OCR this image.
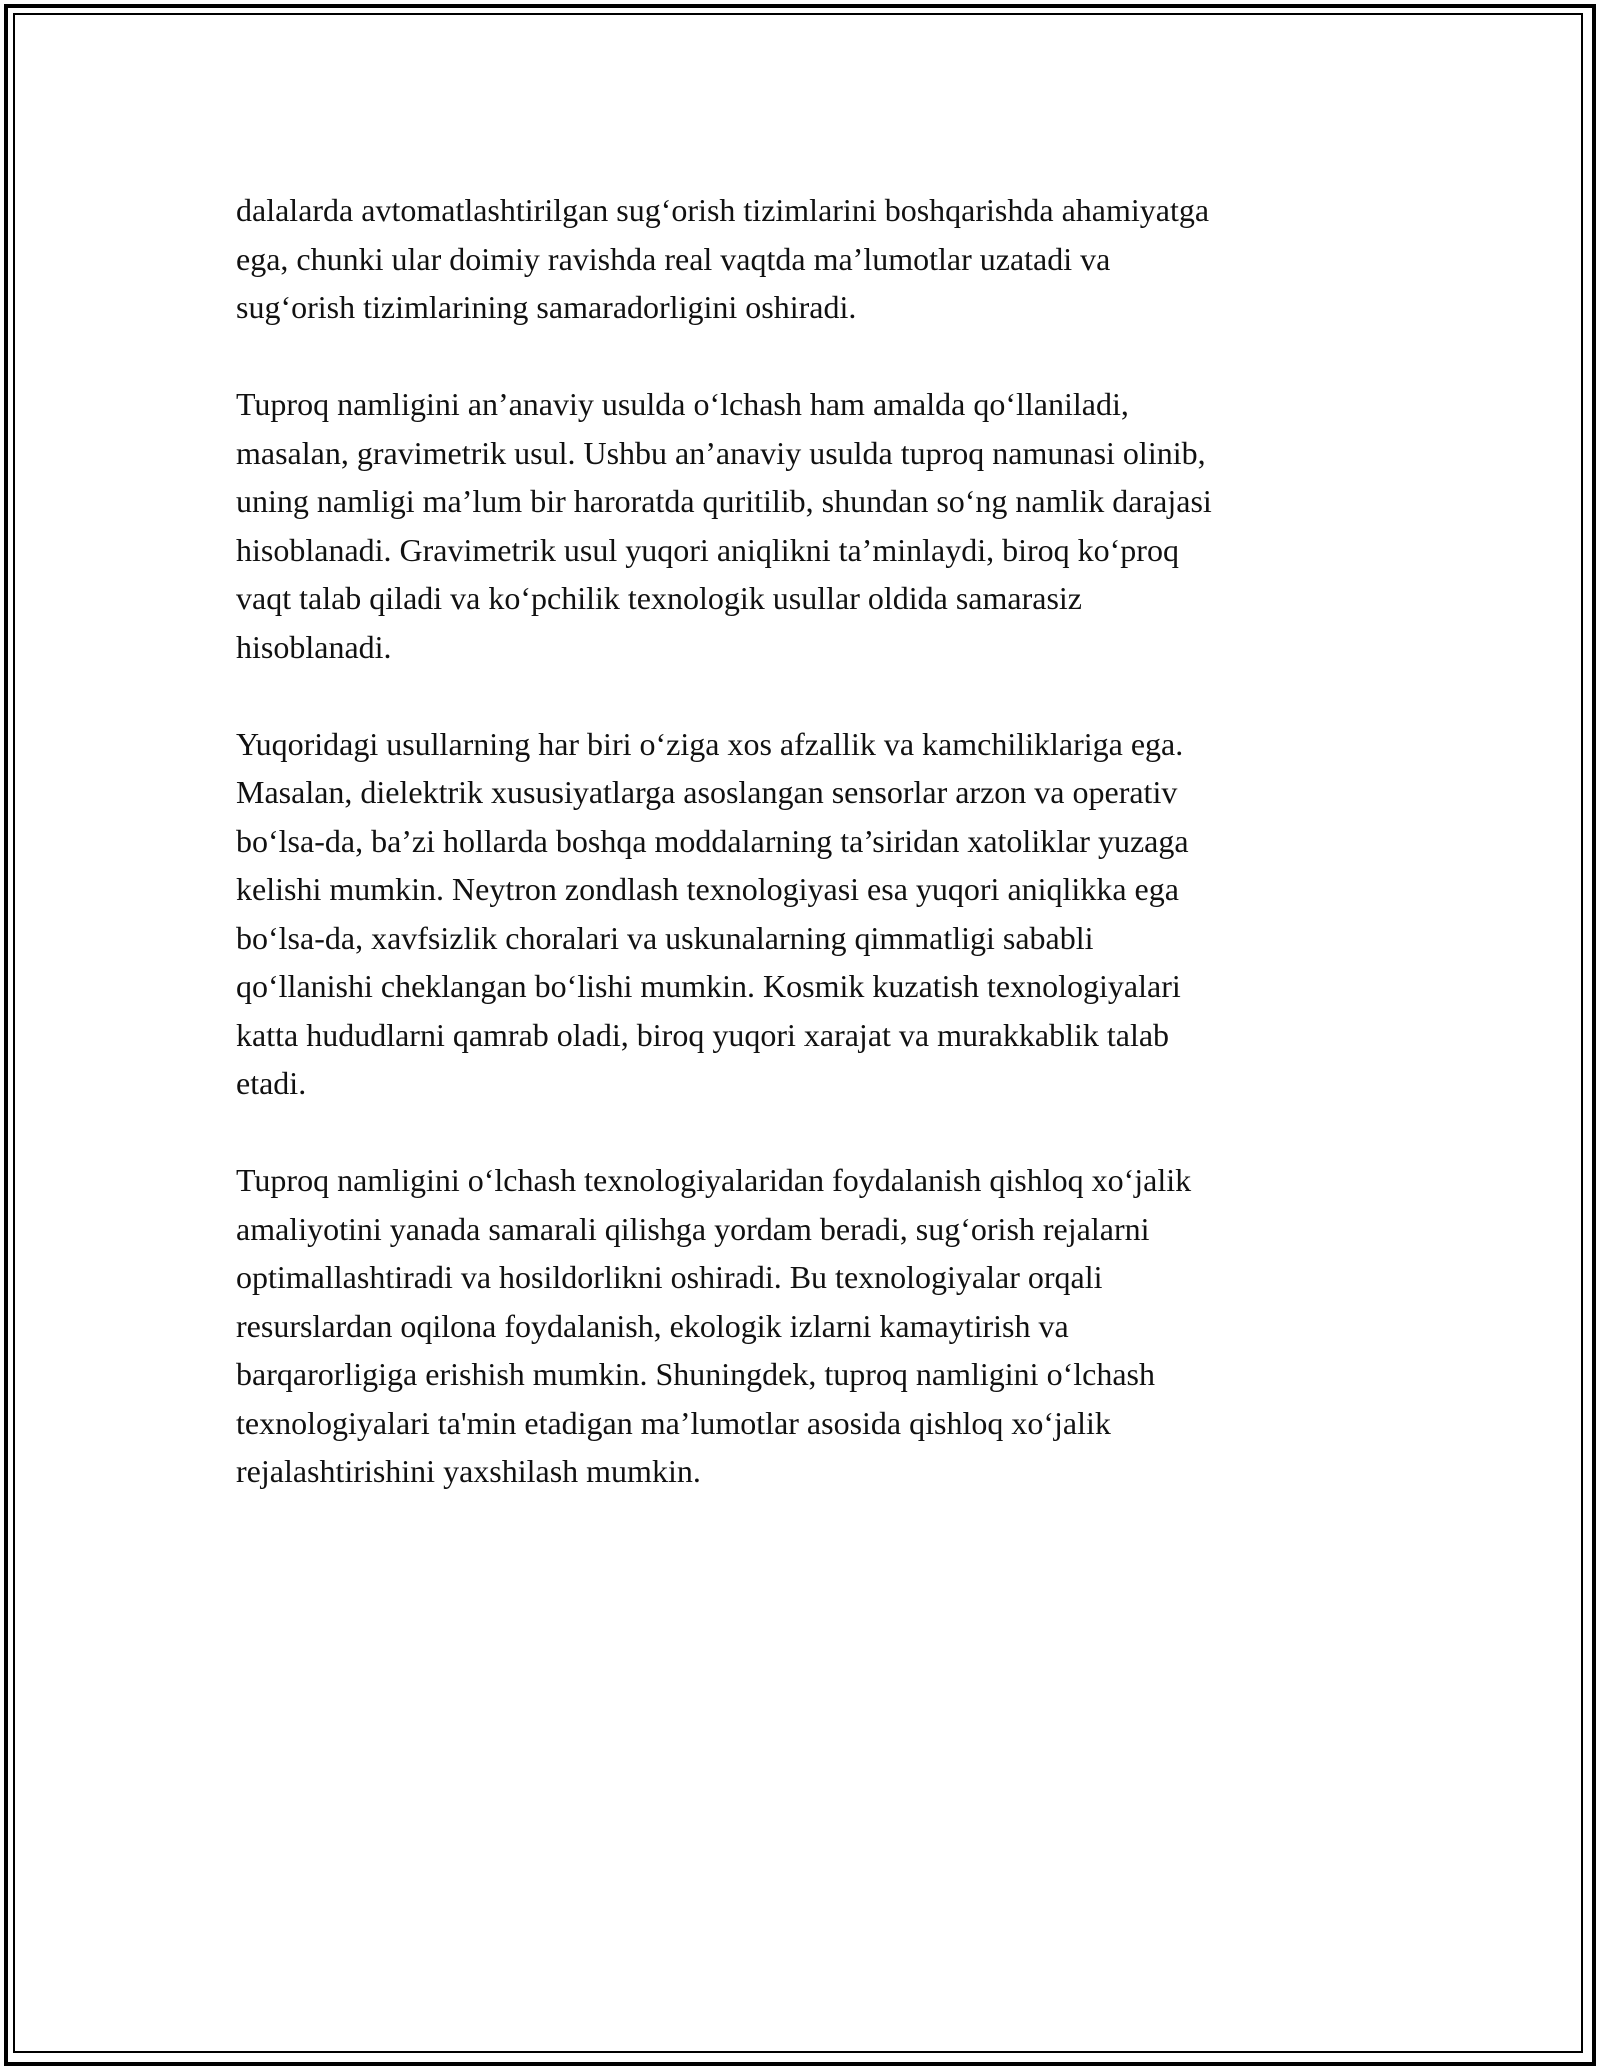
dalalarda avtomatlashtirilgan sug‘orish tizimlarini boshqarishda ahamiyatga
ega, chunki ular doimiy ravishda real vaqtda ma’lumotlar uzatadi va
sug‘orish tizimlarining samaradorligini oshiradi.

Tuproq namligini an’anaviy usulda o‘lchash ham amalda qo‘llaniladi,
masalan, gravimetrik usul. Ushbu an’anaviy usulda tuproq namunasi olinib,
uning namligi ma’lum bir haroratda quritilib, shundan so‘ng namlik darajasi
hisoblanadi. Gravimetrik usul yuqori aniqlikni ta’minlaydi, biroq ko‘proq
vaqt talab qiladi va ko‘pchilik texnologik usullar oldida samarasiz
hisoblanadi.

Yuqoridagi usullarning har biri o‘ziga xos afzallik va kamchiliklariga ega.
Masalan, dielektrik xususiyatlarga asoslangan sensorlar arzon va operativ
bo‘lsa-da, ba’zi hollarda boshqa moddalarning ta’siridan xatoliklar yuzaga
kelishi mumkin. Neytron zondlash texnologiyasi esa yuqori aniqlikka ega
bo‘lsa-da, xavfsizlik choralari va uskunalarning qimmatligi sababli
qo‘llanishi cheklangan bo‘lishi mumkin. Kosmik kuzatish texnologiyalari
katta hududlarni qamrab oladi, biroq yuqori xarajat va murakkablik talab
etadi.

Tuproq namligini o‘lchash texnologiyalaridan foydalanish qishloq xo‘jalik
amaliyotini yanada samarali qilishga yordam beradi, sug‘orish rejalarni
optimallashtiradi va hosildorlikni oshiradi. Bu texnologiyalar orqali
resurslardan oqilona foydalanish, ekologik izlarni kamaytirish va
barqarorligiga erishish mumkin. Shuningdek, tuproq namligini o‘lchash
texnologiyalari ta'min etadigan ma’lumotlar asosida qishloq xo‘jalik
rejalashtirishini yaxshilash mumkin.
